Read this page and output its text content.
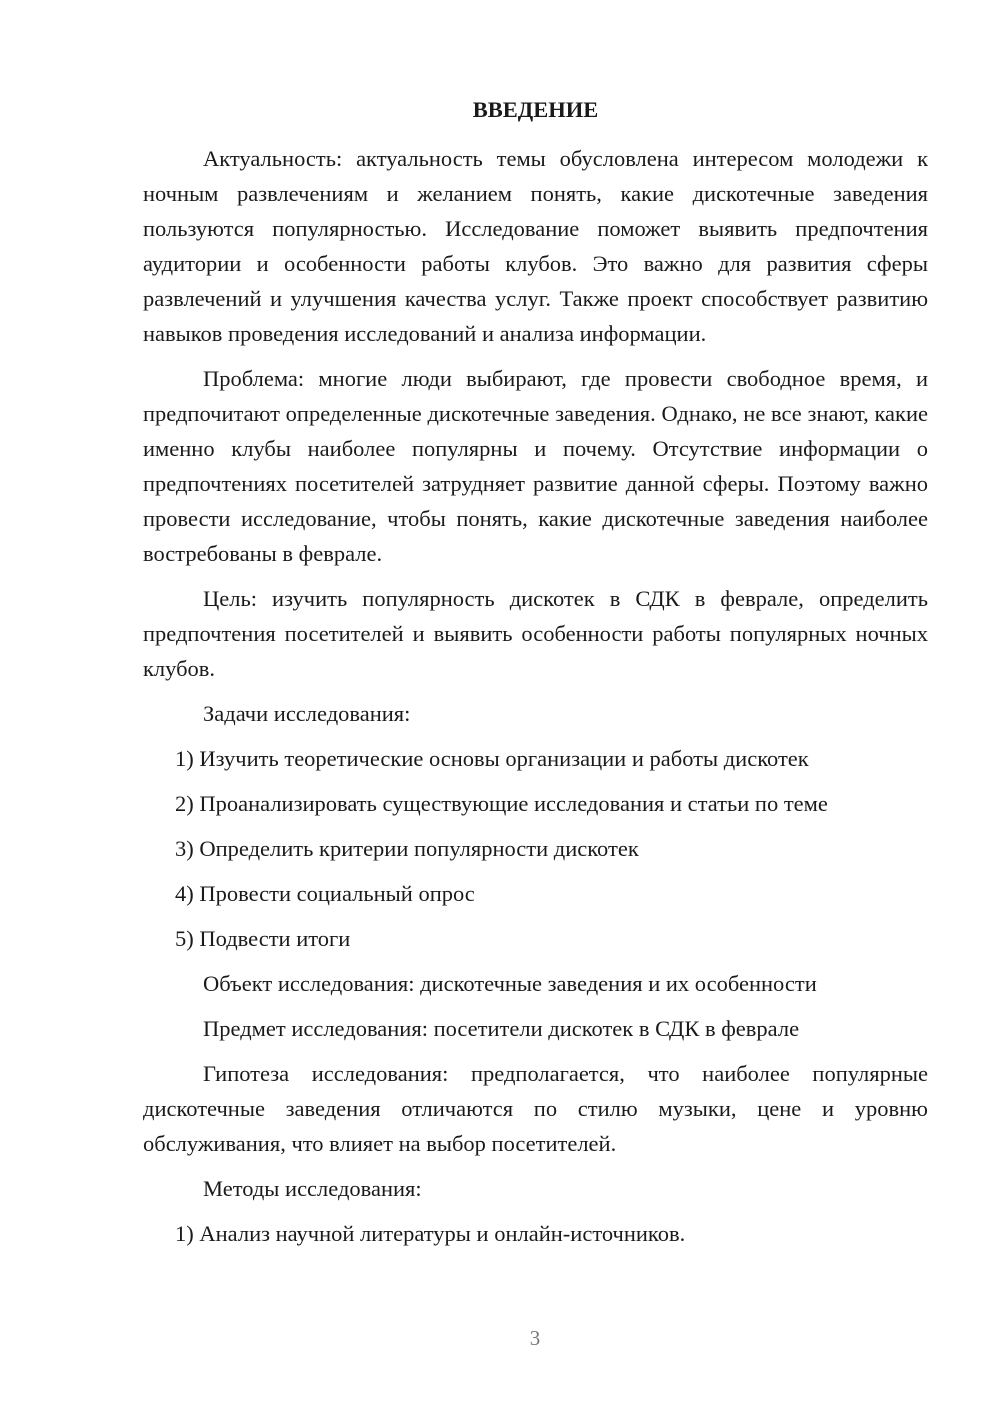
ВВЕДЕНИЕ

Актуальность: актуальность темы обусловлена интересом молодежи к ночным развлечениям и желанием понять, какие дискотечные заведения пользуются популярностью. Исследование поможет выявить предпочтения аудитории и особенности работы клубов. Это важно для развития сферы развлечений и улучшения качества услуг. Также проект способствует развитию навыков проведения исследований и анализа информации.

Проблема: многие люди выбирают, где провести свободное время, и предпочитают определенные дискотечные заведения. Однако, не все знают, какие именно клубы наиболее популярны и почему. Отсутствие информации о предпочтениях посетителей затрудняет развитие данной сферы. Поэтому важно провести исследование, чтобы понять, какие дискотечные заведения наиболее востребованы в феврале.

Цель: изучить популярность дискотек в СДК в феврале, определить предпочтения посетителей и выявить особенности работы популярных ночных клубов.

Задачи исследования:

1) Изучить теоретические основы организации и работы дискотек

2) Проанализировать существующие исследования и статьи по теме

3) Определить критерии популярности дискотек

4) Провести социальный опрос

5) Подвести итоги

Объект исследования: дискотечные заведения и их особенности

Предмет исследования: посетители дискотек в СДК в феврале

Гипотеза исследования: предполагается, что наиболее популярные дискотечные заведения отличаются по стилю музыки, цене и уровню обслуживания, что влияет на выбор посетителей.

Методы исследования:

1) Анализ научной литературы и онлайн-источников.

3
